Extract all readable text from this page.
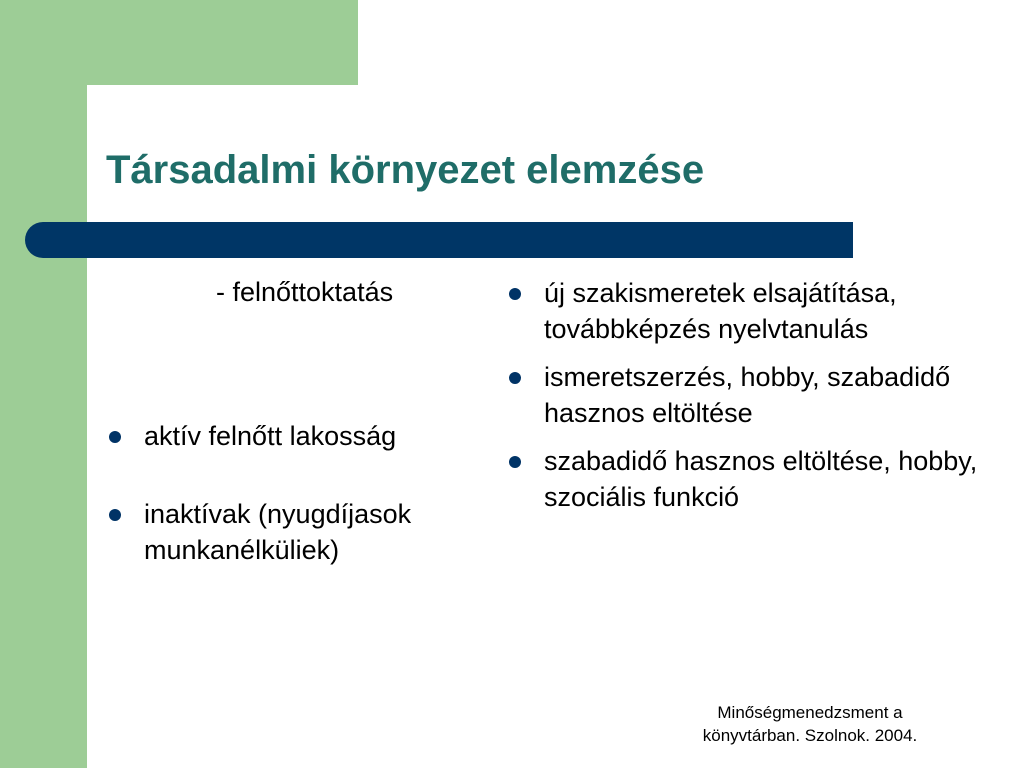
Társadalmi környezet elemzése

- felnőttoktatás

aktív felnőtt lakosság
inaktívak (nyugdíjasok munkanélküliek)
új szakismeretek elsajátítása, továbbképzés nyelvtanulás
ismeretszerzés, hobby, szabadidő hasznos eltöltése
szabadidő hasznos eltöltése, hobby, szociális funkció
Minőségmenedzsment a
könyvtárban. Szolnok. 2004.
